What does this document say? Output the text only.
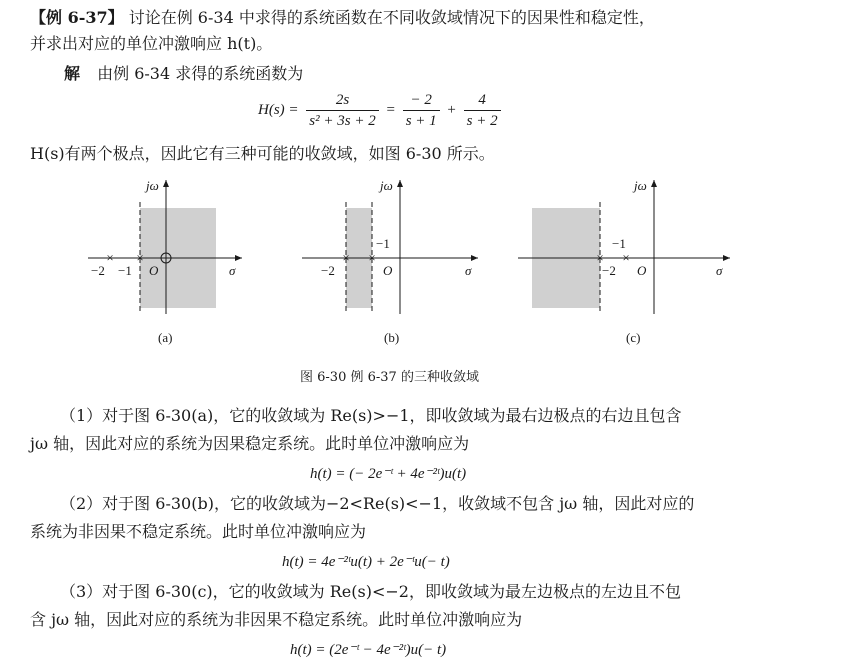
【例 6-37】 讨论在例 6-34 中求得的系统函数在不同收敛域情况下的因果性和稳定性，
并求出对应的单位冲激响应 h(t)。
解 由例 6-34 求得的系统函数为
$H(s) = \frac{2s}{\text{s² + 3s + 2}} = \frac{- 2}{s + 1} + \frac{4}{s + 2}$
H(s)有两个极点，因此它有三种可能的收敛域，如图 6-30 所示。
× ×
jω
σ
O
−2 −1
(a)
× ×
jω
σ
O
−2
−1
(b)
× ×
jω
σ
O
−2
−1
(c)
图 6-30 例 6-37 的三种收敛域
（1）对于图 6-30(a)，它的收敛域为 Re(s)>−1，即收敛域为最右边极点的右边且包含
jω 轴，因此对应的系统为因果稳定系统。此时单位冲激响应为
h(t) = (− 2e⁻ᵗ + 4e⁻²ᵗ)u(t)
（2）对于图 6-30(b)，它的收敛域为−2<Re(s)<−1，收敛域不包含 jω 轴，因此对应的
系统为非因果不稳定系统。此时单位冲激响应为
h(t) = 4e⁻²ᵗu(t) + 2e⁻ᵗu(− t)
（3）对于图 6-30(c)，它的收敛域为 Re(s)<−2，即收敛域为最左边极点的左边且不包
含 jω 轴，因此对应的系统为非因果不稳定系统。此时单位冲激响应为
h(t) = (2e⁻ᵗ − 4e⁻²ᵗ)u(− t)
